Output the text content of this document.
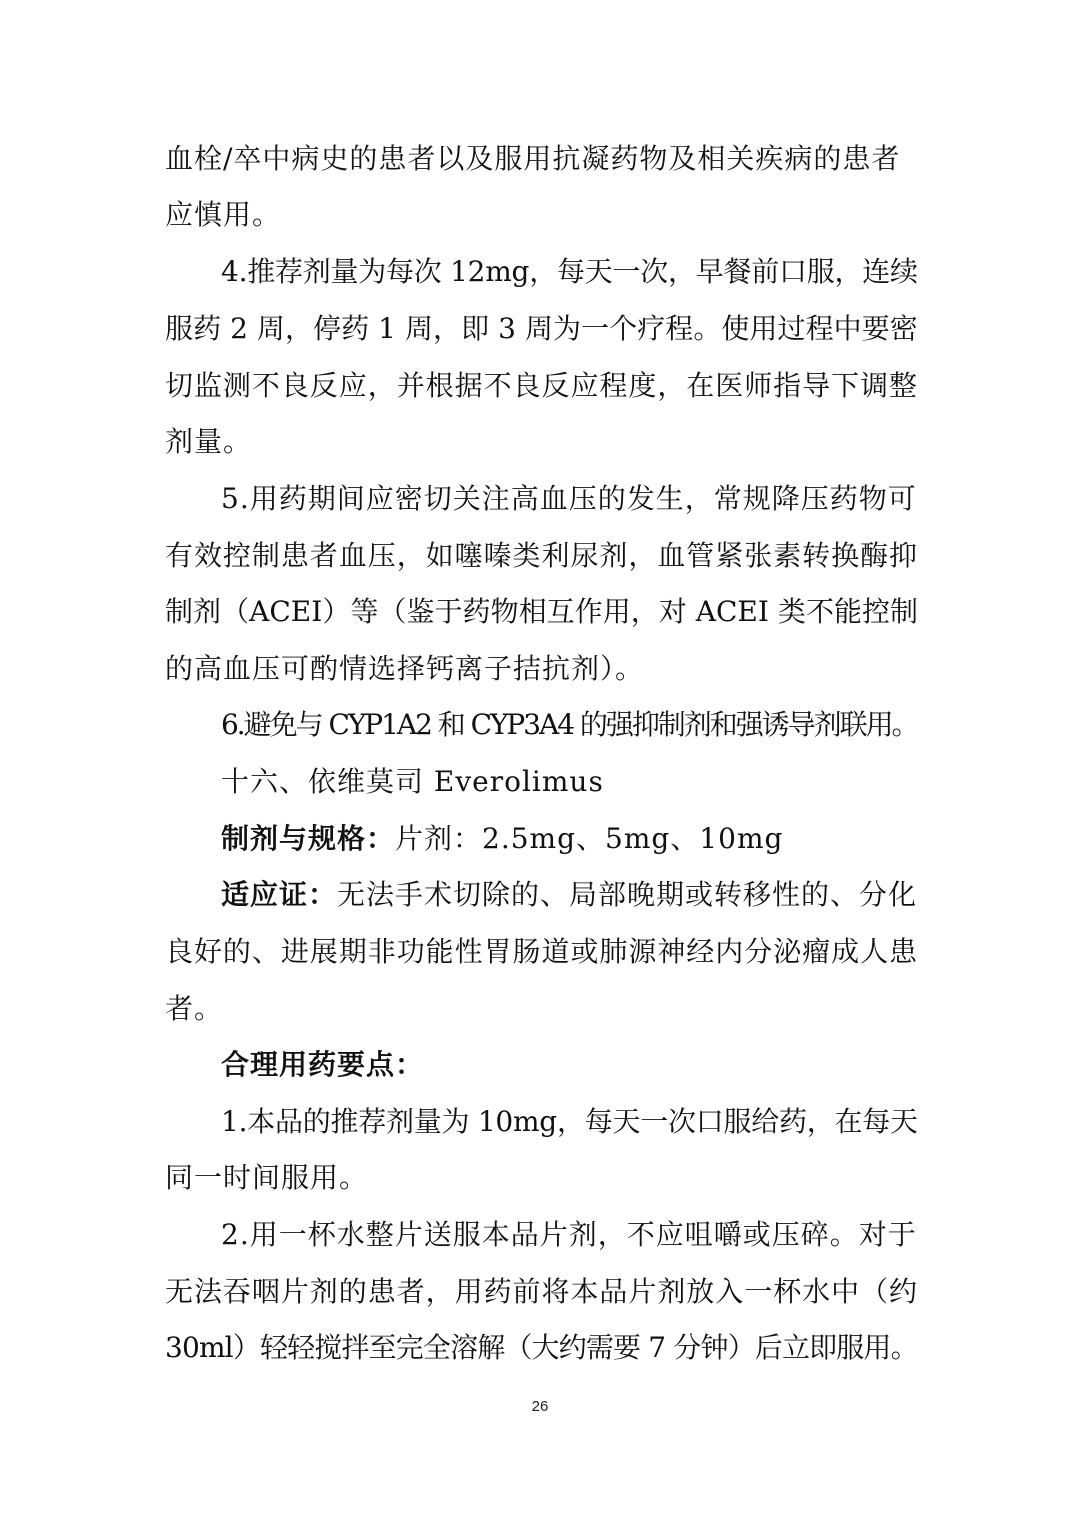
血栓/卒中病史的患者以及服用抗凝药物及相关疾病的患者
应慎用。
4.推荐剂量为每次 12mg，每天一次，早餐前口服，连续
服药 2 周，停药 1 周，即 3 周为一个疗程。使用过程中要密
切监测不良反应，并根据不良反应程度，在医师指导下调整
剂量。
5.用药期间应密切关注高血压的发生，常规降压药物可
有效控制患者血压，如噻嗪类利尿剂，血管紧张素转换酶抑
制剂（ACEI）等（鉴于药物相互作用，对 ACEI 类不能控制
的高血压可酌情选择钙离子拮抗剂）。
6.避免与 CYP1A2 和 CYP3A4 的强抑制剂和强诱导剂联用。
十六、依维莫司 Everolimus
制剂与规格：片剂：2.5mg、5mg、10mg
适应证：无法手术切除的、局部晚期或转移性的、分化
良好的、进展期非功能性胃肠道或肺源神经内分泌瘤成人患
者。
合理用药要点：
1.本品的推荐剂量为 10mg，每天一次口服给药，在每天
同一时间服用。
2.用一杯水整片送服本品片剂，不应咀嚼或压碎。对于
无法吞咽片剂的患者，用药前将本品片剂放入一杯水中（约
30ml）轻轻搅拌至完全溶解（大约需要 7 分钟）后立即服用。
26
